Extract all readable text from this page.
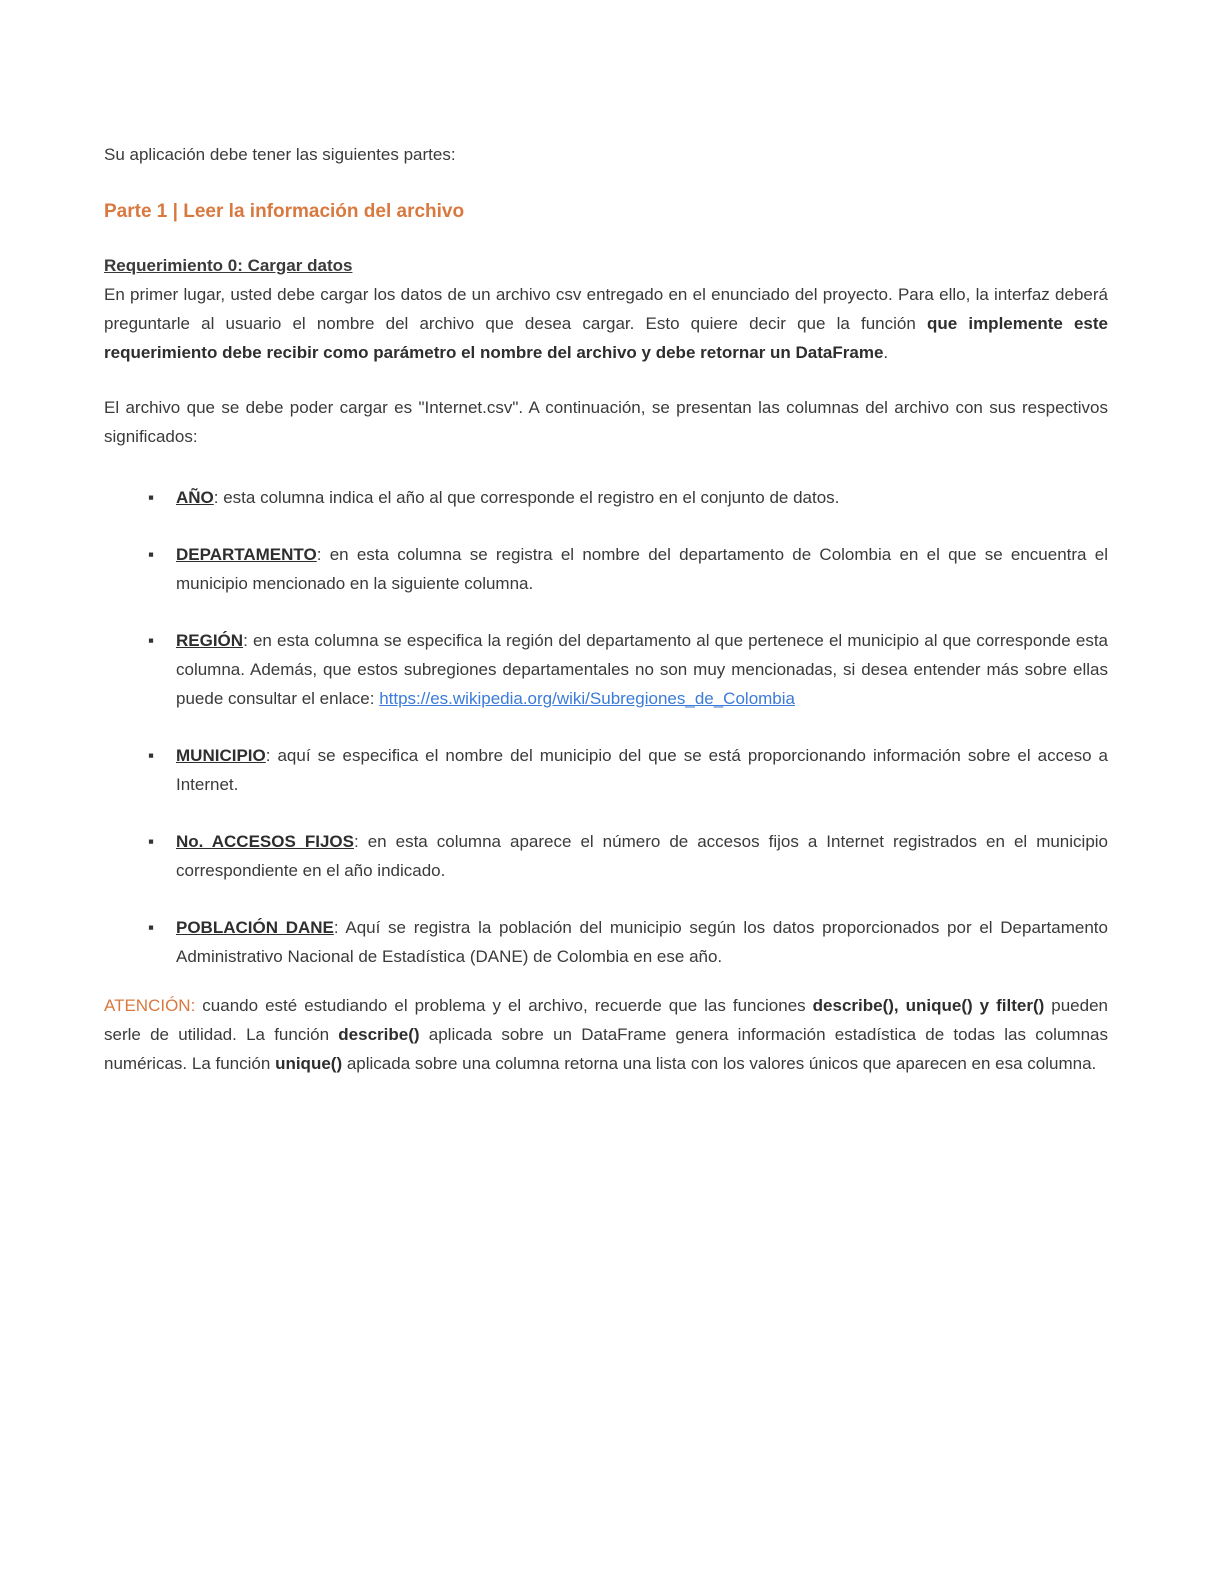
Su aplicación debe tener las siguientes partes:

Parte 1 | Leer la información del archivo

Requerimiento 0: Cargar datos

En primer lugar, usted debe cargar los datos de un archivo csv entregado en el enunciado del proyecto. Para ello, la interfaz deberá preguntarle al usuario el nombre del archivo que desea cargar. Esto quiere decir que la función que implemente este requerimiento debe recibir como parámetro el nombre del archivo y debe retornar un DataFrame.

El archivo que se debe poder cargar es "Internet.csv". A continuación, se presentan las columnas del archivo con sus respectivos significados:

▪ AÑO: esta columna indica el año al que corresponde el registro en el conjunto de datos.
▪ DEPARTAMENTO: en esta columna se registra el nombre del departamento de Colombia en el que se encuentra el municipio mencionado en la siguiente columna.
▪ REGIÓN: en esta columna se especifica la región del departamento al que pertenece el municipio al que corresponde esta columna. Además, que estos subregiones departamentales no son muy mencionadas, si desea entender más sobre ellas puede consultar el enlace: https://es.wikipedia.org/wiki/Subregiones_de_Colombia
▪ MUNICIPIO: aquí se especifica el nombre del municipio del que se está proporcionando información sobre el acceso a Internet.
▪ No. ACCESOS FIJOS: en esta columna aparece el número de accesos fijos a Internet registrados en el municipio correspondiente en el año indicado.
▪ POBLACIÓN DANE: Aquí se registra la población del municipio según los datos proporcionados por el Departamento Administrativo Nacional de Estadística (DANE) de Colombia en ese año.

ATENCIÓN: cuando esté estudiando el problema y el archivo, recuerde que las funciones describe(), unique() y filter() pueden serle de utilidad. La función describe() aplicada sobre un DataFrame genera información estadística de todas las columnas numéricas. La función unique() aplicada sobre una columna retorna una lista con los valores únicos que aparecen en esa columna.
